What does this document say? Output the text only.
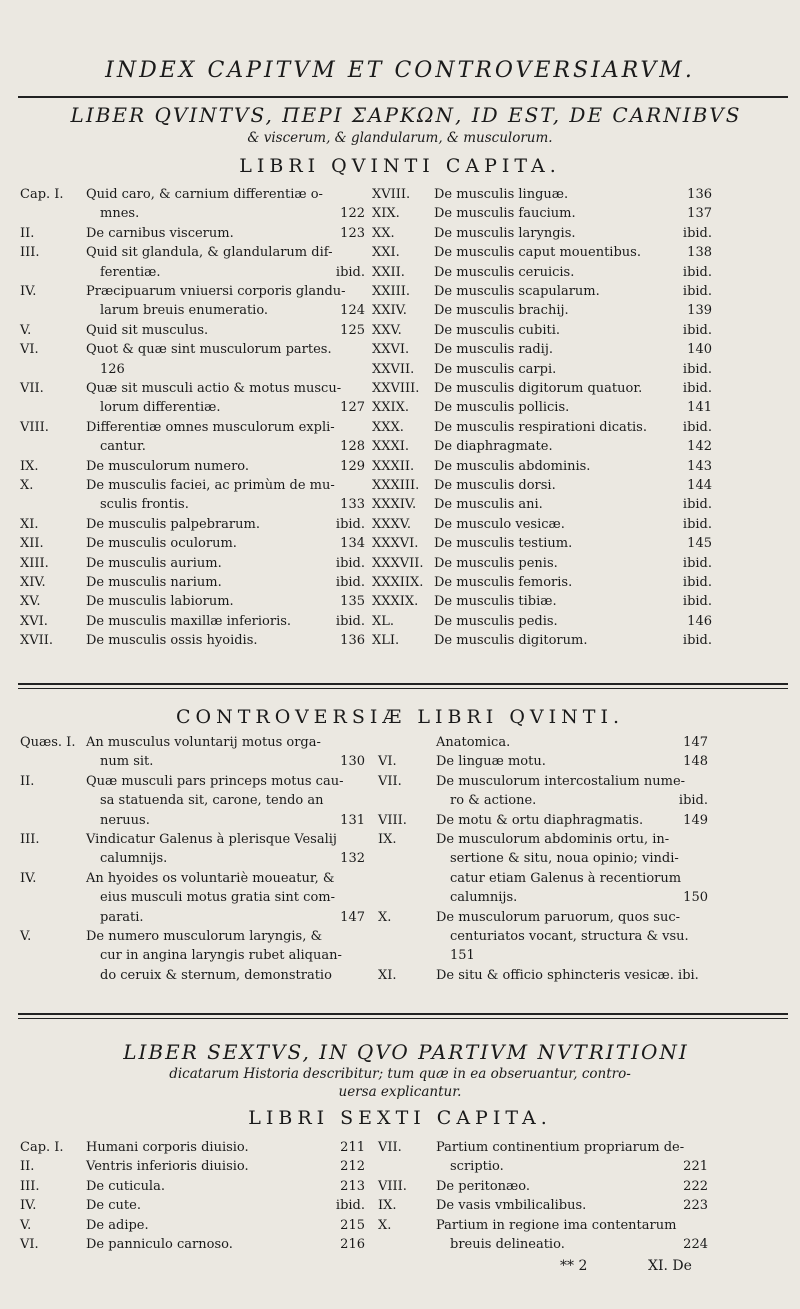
INDEX CAPITVM ET CONTROVERSIARVM.
LIBER QVINTVS, ΠΕΡΙ ΣΑΡΚΩΝ, ID EST, DE CARNIBVS
& viscerum, & glandularum, & musculorum.
LIBRI QVINTI CAPITA.
Cap. I. Quid caro, & carnium differentiæ o-
mnes.	122
II.	De carnibus viscerum.	123
III.	Quid sit glandula, & glandularum dif-
ferentiæ.	ibid.
IV.	Præcipuarum vniuersi corporis glandu-
larum breuis enumeratio.	124
V.	Quid sit musculus.	125
VI.	Quot & quæ sint musculorum partes.
126
VII.	Quæ sit musculi actio & motus muscu-
lorum differentiæ.	127
VIII.	Differentiæ omnes musculorum expli-
cantur.	128
IX.	De musculorum numero.	129
X.	De musculis faciei, ac primùm de mu-
sculis frontis.	133
XI.	De musculis palpebrarum.	ibid.
XII.	De musculis oculorum.	134
XIII.	De musculis aurium.	ibid.
XIV.	De musculis narium.	ibid.
XV.	De musculis labiorum.	135
XVI.	De musculis maxillæ inferioris.	ibid.
XVII.	De musculis ossis hyoidis.	136
XVIII. De musculis linguæ.	136
XIX.	De musculis faucium.	137
XX.	De musculis laryngis.	ibid.
XXI.	De musculis caput mouentibus.	138
XXII. De musculis ceruicis.	ibid.
XXIII. De musculis scapularum.	ibid.
XXIV. De musculis brachij.	139
XXV. De musculis cubiti.	ibid.
XXVI. De musculis radij.	140
XXVII. De musculis carpi.	ibid.
XXVIII. De musculis digitorum quatuor.	ibid.
XXIX. De musculis pollicis.	141
XXX. De musculis respirationi dicatis.	ibid.
XXXI. De diaphragmate.	142
XXXII. De musculis abdominis.	143
XXXIII. De musculis dorsi.	144
XXXIV. De musculis ani.	ibid.
XXXV. De musculo vesicæ.	ibid.
XXXVI. De musculis testium.	145
XXXVII. De musculis penis.	ibid.
XXXIIX. De musculis femoris.	ibid.
XXXIX. De musculis tibiæ.	ibid.
XL.	De musculis pedis.	146
XLI.	De musculis digitorum.	ibid.
CONTROVERSIÆ LIBRI QVINTI.
Quæs. I. An musculus voluntarij motus orga-
num sit.	130
II.	Quæ musculi pars princeps motus cau-
sa statuenda sit, carone, tendo an
neruus.	131
III.	Vindicatur Galenus à plerisque Vesalij
calumnijs.	132
IV.	An hyoides os voluntariè moueatur, &
eius musculi motus gratia sint com-
parati.	147
V.	De numero musculorum laryngis, &
cur in angina laryngis rubet aliquan-
do ceruix & sternum, demonstratio
Anatomica.	147
VI.	De linguæ motu.	148
VII.	De musculorum intercostalium nume-
ro & actione.	ibid.
VIII. De motu & ortu diaphragmatis.	149
IX.	De musculorum abdominis ortu, in-
sertione & situ, noua opinio; vindi-
catur etiam Galenus à recentiorum
calumnijs.	150
X.	De musculorum paruorum, quos suc-
centuriatos vocant, structura & vsu.
151
XI.	De situ & officio sphincteris vesicæ. ibi.
LIBER SEXTVS, IN QVO PARTIVM NVTRITIONI
dicatarum Historia describitur; tum quæ in ea obseruantur, contro-
uersa explicantur.
LIBRI SEXTI CAPITA.
Cap. I. Humani corporis diuisio.	211
II.	Ventris inferioris diuisio.	212
III.	De cuticula.	213
IV.	De cute.	ibid.
V.	De adipe.	215
VI.	De panniculo carnoso.	216
VII.	Partium continentium propriarum de-
scriptio.	221
VIII. De peritonæo.	222
IX.	De vasis vmbilicalibus.	223
X.	Partium in regione ima contentarum
breuis delineatio.	224
** 2	XI. De
